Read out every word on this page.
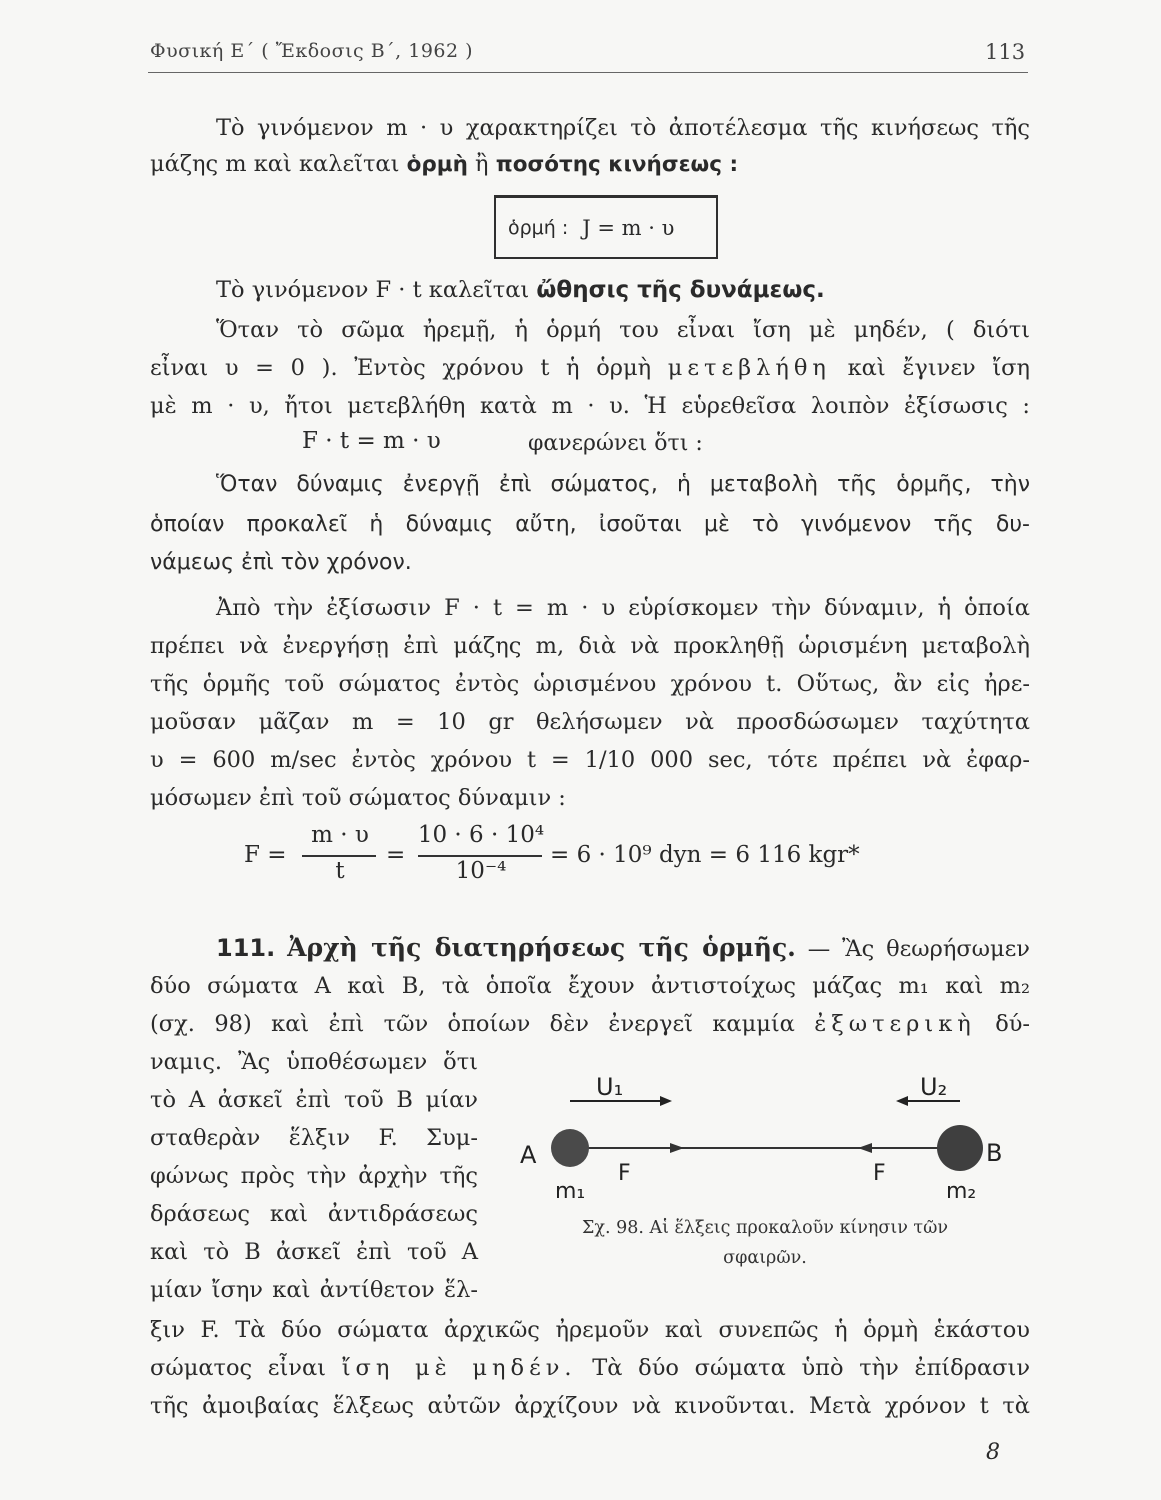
Φυσική Ε΄ ( Ἔκδοσις Β΄, 1962 )	113
Τὸ γινόμενον m · υ χαρακτηρίζει τὸ ἀποτέλεσμα τῆς κινήσεως τῆς
μάζης m καὶ καλεῖται ὁρμὴ ἢ ποσότης κινήσεως :
ὁρμή : J = m · υ
Τὸ γινόμενον F · t καλεῖται ὤθησις τῆς δυνάμεως.
Ὅταν τὸ σῶμα ἠρεμῇ, ἡ ὁρμή του εἶναι ἴση μὲ μηδέν, ( διότι
εἶναι υ = 0 ). Ἐντὸς χρόνου t ἡ ὁρμὴ μετεβλήθη καὶ ἔγινεν ἴση
μὲ m · υ, ἤτοι μετεβλήθη κατὰ m · υ. Ἡ εὑρεθεῖσα λοιπὸν ἐξίσωσις :
F · t = m · υ	φανερώνει ὅτι :
Ὅταν δύναμις ἐνεργῇ ἐπὶ σώματος, ἡ μεταβολὴ τῆς ὁρμῆς, τὴν
ὁποίαν προκαλεῖ ἡ δύναμις αὔτη, ἰσοῦται μὲ τὸ γινόμενον τῆς δυ-
νάμεως ἐπὶ τὸν χρόνον.
Ἀπὸ τὴν ἐξίσωσιν F · t = m · υ εὑρίσκομεν τὴν δύναμιν, ἡ ὁποία
πρέπει νὰ ἐνεργήσῃ ἐπὶ μάζης m, διὰ νὰ προκληθῇ ὡρισμένη μεταβολὴ
τῆς ὁρμῆς τοῦ σώματος ἐντὸς ὡρισμένου χρόνου t. Οὕτως, ἂν εἰς ἠρε-
μοῦσαν μᾶζαν m = 10 gr θελήσωμεν νὰ προσδώσωμεν ταχύτητα
υ = 600 m/sec ἐντὸς χρόνου t = 1/10 000 sec, τότε πρέπει νὰ ἐφαρ-
μόσωμεν ἐπὶ τοῦ σώματος δύναμιν :
F =
m · υ
t
=
10 · 6 · 10⁴
10⁻⁴
= 6 · 10⁹ dyn = 6 116 kgr*
111. Ἀρχὴ τῆς διατηρήσεως τῆς ὁρμῆς. — Ἂς θεωρήσωμεν
δύο σώματα Α καὶ Β, τὰ ὁποῖα ἔχουν ἀντιστοίχως μάζας m₁ καὶ m₂
(σχ. 98) καὶ ἐπὶ τῶν ὁποίων δὲν ἐνεργεῖ καμμία ἐξωτερικὴ δύ-
ναμις. Ἂς ὑποθέσωμεν ὅτι
τὸ Α ἀσκεῖ ἐπὶ τοῦ Β μίαν
σταθερὰν ἕλξιν F. Συμ-
φώνως πρὸς τὴν ἀρχὴν τῆς
δράσεως καὶ ἀντιδράσεως
καὶ τὸ Β ἀσκεῖ ἐπὶ τοῦ Α
μίαν ἴσην καὶ ἀντίθετον ἕλ-
U₁	U₂
A	B
F	F
m₁	m₂
Σχ. 98. Αἱ ἕλξεις προκαλοῦν κίνησιν τῶν
σφαιρῶν.
ξιν F. Τὰ δύο σώματα ἀρχικῶς ἠρεμοῦν καὶ συνεπῶς ἡ ὁρμὴ ἑκάστου
σώματος εἶναι ἴση μὲ μηδέν. Τὰ δύο σώματα ὑπὸ τὴν ἐπίδρασιν
τῆς ἀμοιβαίας ἕλξεως αὐτῶν ἀρχίζουν νὰ κινοῦνται. Μετὰ χρόνον t τὰ
8
